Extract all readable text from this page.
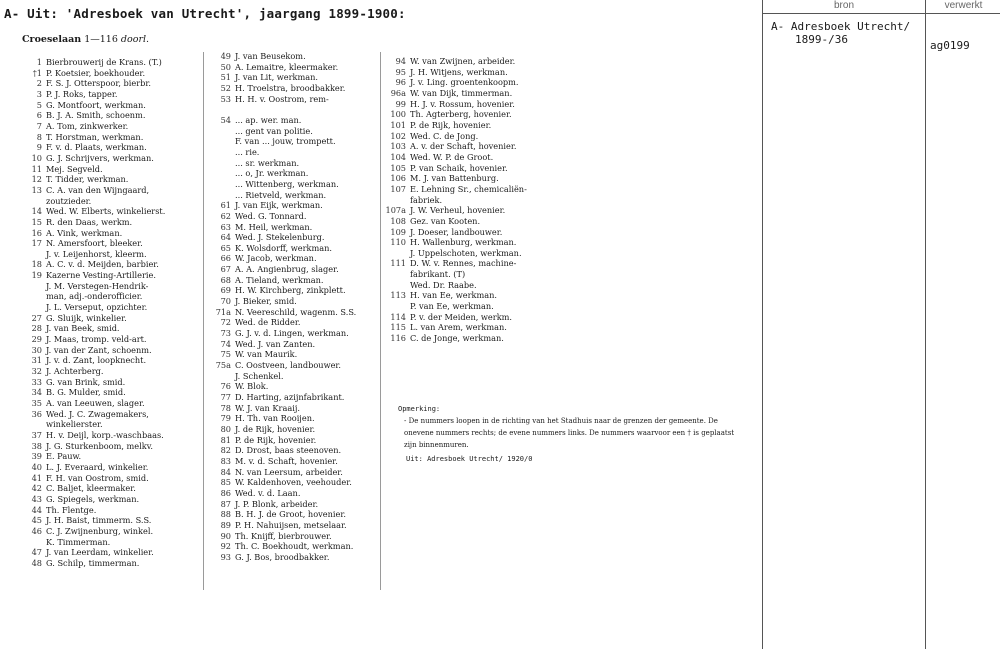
A- Uit: 'Adresboek van Utrecht', jaargang 1899-1900:
Croeselaan 1—116 doorl.
1 Bierbrouwerij de Krans. (T.)
†1 P. Koetsier, boekhouder.
2 F. S. J. Otterspoor, bierbr.
3 P. J. Roks, tapper.
5 G. Montfoort, werkman.
6 B. J. A. Smith, schoenm.
7 A. Tom, zinkwerker.
8 T. Horstman, werkman.
9 F. v. d. Plaats, werkman.
10 G. J. Schrijvers, werkman.
11 Mej. Segveld.
12 T. Tidder, werkman.
13 C. A. van den Wijngaard,
zoutzieder.
14 Wed. W. Elberts, winkelierst.
15 R. den Daas, werkm.
16 A. Vink, werkman.
17 N. Amersfoort, bleeker.
J. v. Leijenhorst, kleerm.
18 A. C. v. d. Meijden, barbier.
19 Kazerne Vesting-Artillerie.
J. M. Verstegen-Hendrik-
man, adj.-onderofficier.
J. L. Verseput, opzichter.
27 G. Sluijk, winkelier.
28 J. van Beek, smid.
29 J. Maas, tromp. veld-art.
30 J. van der Zant, schoenm.
31 J. v. d. Zant, loopknecht.
32 J. Achterberg.
33 G. van Brink, smid.
34 B. G. Mulder, smid.
35 A. van Leeuwen, slager.
36 Wed. J. C. Zwagemakers,
winkelierster.
37 H. v. Deijl, korp.-waschbaas.
38 J. G. Sturkenboom, melkv.
39 E. Pauw.
40 L. J. Everaard, winkelier.
41 F. H. van Oostrom, smid.
42 C. Baljet, kleermaker.
43 G. Spiegels, werkman.
44 Th. Flentge.
45 J. H. Baist, timmerm. S.S.
46 C. J. Zwijnenburg, winkel.
K. Timmerman.
47 J. van Leerdam, winkelier.
48 G. Schilp, timmerman.
49 J. van Beusekom.
50 A. Lemaitre, kleermaker.
51 J. van Lit, werkman.
52 H. Troelstra, broodbakker.
53 H. H. v. Oostrom, rem-

54 ... ap. wer. man.
... gent van politie.
F. van ... jouw, trompett.
... rie.
... sr. werkman.
... o, Jr. werkman.
... Wittenberg, werkman.
... Rietveld, werkman.
61 J. van Eijk, werkman.
62 Wed. G. Tonnard.
63 M. Heil, werkman.
64 Wed. J. Stekelenburg.
65 K. Wolsdorff, werkman.
66 W. Jacob, werkman.
67 A. A. Angienbrug, slager.
68 A. Tieland, werkman.
69 H. W. Kirchberg, zinkplett.
70 J. Bieker, smid.
71a N. Veereschild, wagenm. S.S.
72 Wed. de Ridder.
73 G. J. v. d. Lingen, werkman.
74 Wed. J. van Zanten.
75 W. van Maurik.
75a C. Oostveen, landbouwer.
J. Schenkel.
76 W. Blok.
77 D. Harting, azijnfabrikant.
78 W. J. van Kraaij.
79 H. Th. van Rooijen.
80 J. de Rijk, hovenier.
81 P. de Rijk, hovenier.
82 D. Drost, baas steenoven.
83 M. v. d. Schaft, hovenier.
84 N. van Leersum, arbeider.
85 W. Kaldenhoven, veehouder.
86 Wed. v. d. Laan.
87 J. P. Blonk, arbeider.
88 B. H. J. de Groot, hovenier.
89 P. H. Nahuijsen, metselaar.
90 Th. Knijff, bierbrouwer.
92 Th. C. Boekhoudt, werkman.
93 G. J. Bos, broodbakker.
94 W. van Zwijnen, arbeider.
95 J. H. Witjens, werkman.
96 J. v. Ling. groentenkoopm.
96a W. van Dijk, timmerman.
99 H. J. v. Rossum, hovenier.
100 Th. Agterberg, hovenier.
101 P. de Rijk, hovenier.
102 Wed. C. de Jong.
103 A. v. der Schaft, hovenier.
104 Wed. W. P. de Groot.
105 P. van Schaik, hovenier.
106 M. J. van Battenburg.
107 E. Lehning Sr., chemicaliën-
fabriek.
107a J. W. Verheul, hovenier.
108 Gez. van Kooten.
109 J. Doeser, landbouwer.
110 H. Wallenburg, werkman.
J. Uppelschoten, werkman.
111 D. W. v. Rennes, machine-
fabrikant. (T)
Wed. Dr. Raabe.
113 H. van Ee, werkman.
P. van Ee, werkman.
114 P. v. der Meiden, werkm.
115 L. van Arem, werkman.
116 C. de Jonge, werkman.
Opmerking:
- De nummers loopen in de richting van het Stadhuis naar de grenzen der gemeente. De onevene nummers rechts; de evene nummers links. De nummers waarvoor een † is geplaatst zijn binnenmuren.
Uit: Adresboek Utrecht/ 1920/0
bron	verwerkt
A- Adresboek Utrecht/
1899-/36	ag0199
